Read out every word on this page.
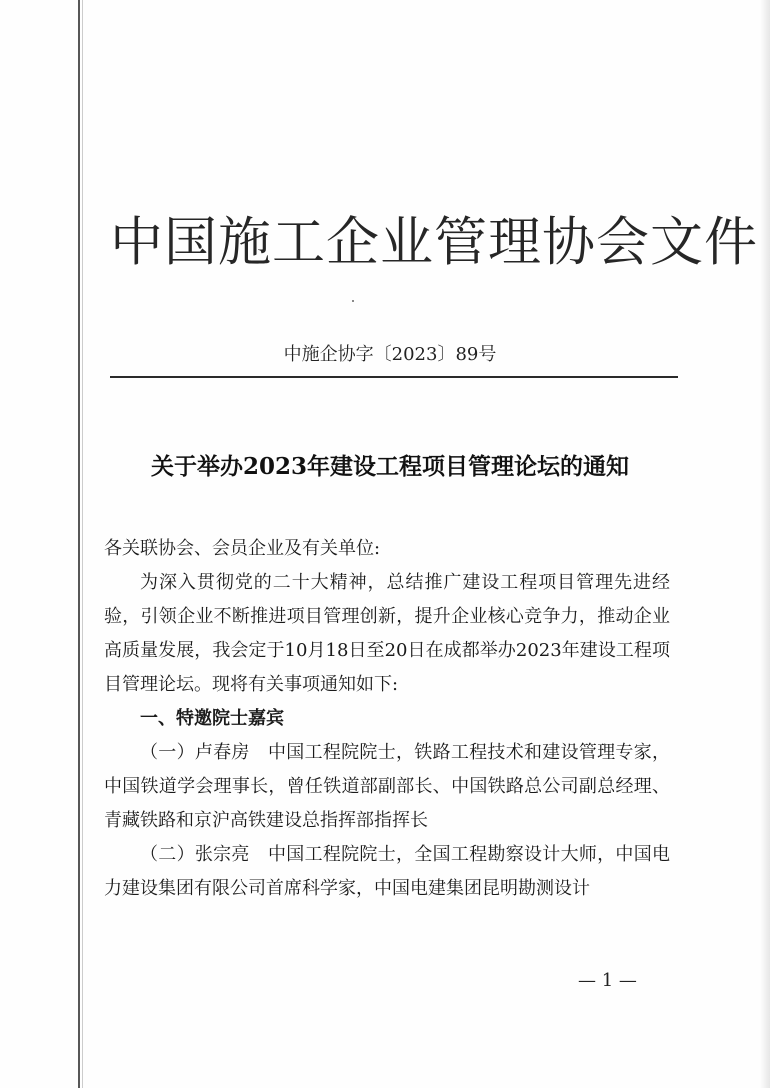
中国施工企业管理协会文件
中施企协字〔2023〕89号
关于举办2023年建设工程项目管理论坛的通知

各关联协会、会员企业及有关单位:

为深入贯彻党的二十大精神，总结推广建设工程项目管理先进经验，引领企业不断推进项目管理创新，提升企业核心竞争力，推动企业高质量发展，我会定于10月18日至20日在成都举办2023年建设工程项目管理论坛。现将有关事项通知如下:

一、特邀院士嘉宾

（一）卢春房　中国工程院院士，铁路工程技术和建设管理专家，中国铁道学会理事长，曾任铁道部副部长、中国铁路总公司副总经理、青藏铁路和京沪高铁建设总指挥部指挥长

（二）张宗亮　中国工程院院士，全国工程勘察设计大师，中国电力建设集团有限公司首席科学家，中国电建集团昆明勘测设计

— 1 —
